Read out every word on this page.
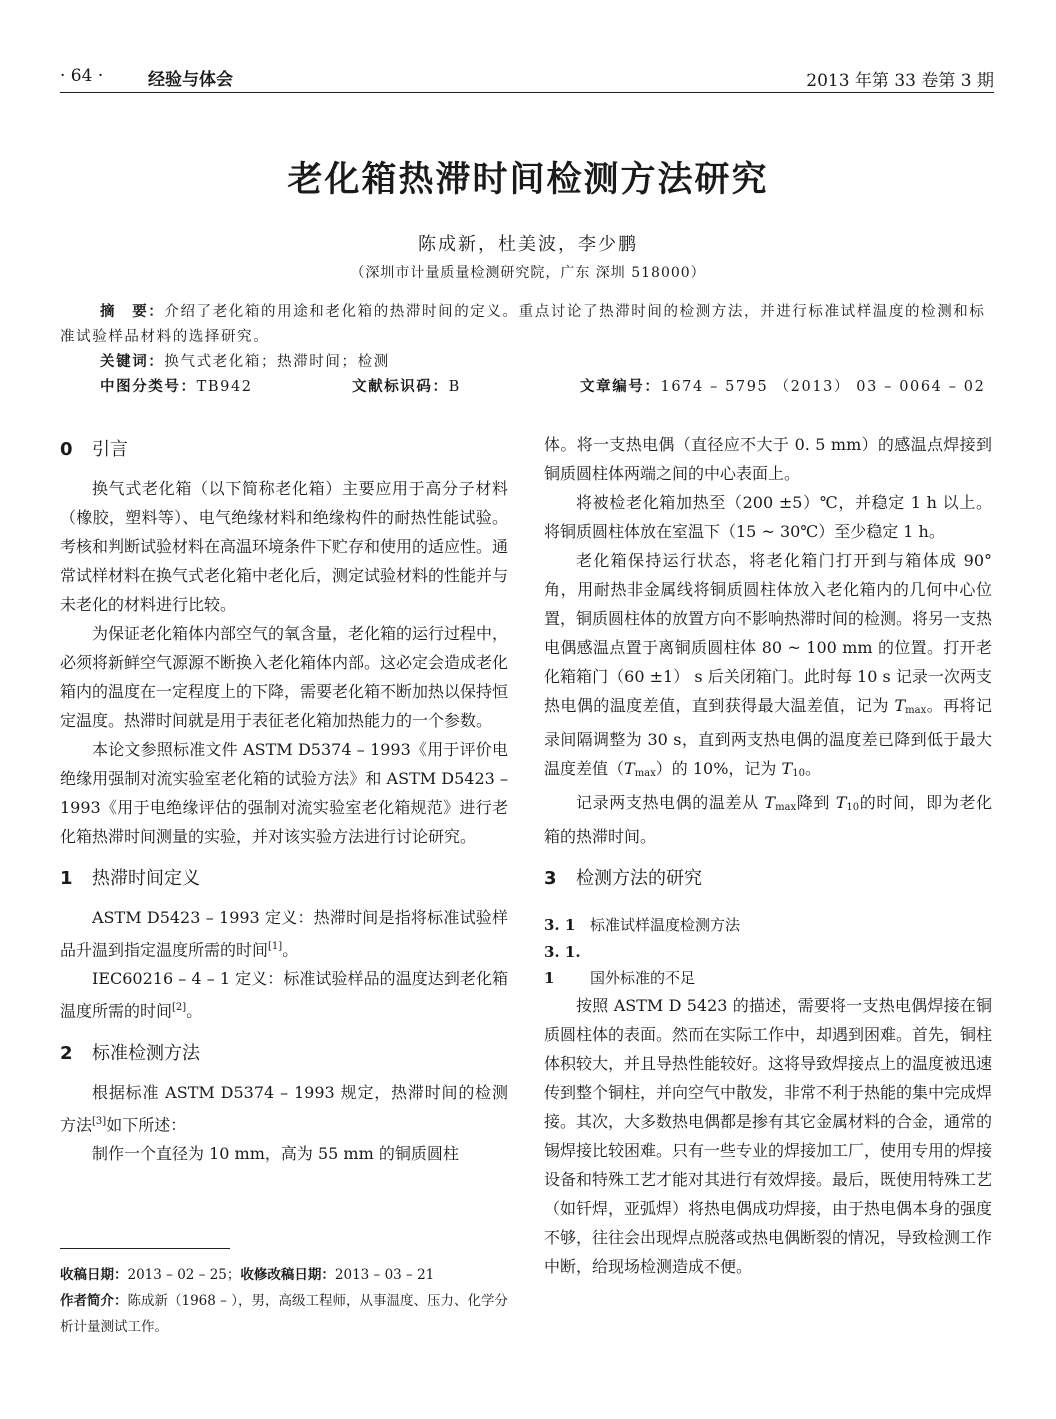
· 64 ·	经验与体会	2013 年第 33 卷第 3 期
老化箱热滞时间检测方法研究
陈成新，杜美波，李少鹏
（深圳市计量质量检测研究院，广东 深圳 518000）

摘　要：介绍了老化箱的用途和老化箱的热滞时间的定义。重点讨论了热滞时间的检测方法，并进行标准试样温度的检测和标准试验样品材料的选择研究。

关键词：换气式老化箱；热滞时间；检测

中图分类号：TB942	文献标识码：B	文章编号：1674 – 5795 （2013） 03 – 0064 – 02
0 引言

换气式老化箱（以下简称老化箱）主要应用于高分子材料（橡胶，塑料等）、电气绝缘材料和绝缘构件的耐热性能试验。考核和判断试验材料在高温环境条件下贮存和使用的适应性。通常试样材料在换气式老化箱中老化后，测定试验材料的性能并与未老化的材料进行比较。

为保证老化箱体内部空气的氧含量，老化箱的运行过程中，必须将新鲜空气源源不断换入老化箱体内部。这必定会造成老化箱内的温度在一定程度上的下降，需要老化箱不断加热以保持恒定温度。热滞时间就是用于表征老化箱加热能力的一个参数。

本论文参照标准文件 ASTM D5374 – 1993《用于评价电绝缘用强制对流实验室老化箱的试验方法》和 ASTM D5423 – 1993《用于电绝缘评估的强制对流实验室老化箱规范》进行老化箱热滞时间测量的实验，并对该实验方法进行讨论研究。

1 热滞时间定义

ASTM D5423 – 1993 定义：热滞时间是指将标准试验样品升温到指定温度所需的时间[1]。

IEC60216 – 4 – 1 定义：标准试验样品的温度达到老化箱温度所需的时间[2]。

2 标准检测方法

根据标准 ASTM D5374 – 1993 规定，热滞时间的检测方法[3]如下所述：

制作一个直径为 10 mm，高为 55 mm 的铜质圆柱

收稿日期：2013 – 02 – 25；收修改稿日期：2013 – 03 – 21

作者简介：陈成新（1968 – ），男，高级工程师，从事温度、压力、化学分析计量测试工作。

体。将一支热电偶（直径应不大于 0. 5 mm）的感温点焊接到铜质圆柱体两端之间的中心表面上。

将被检老化箱加热至（200 ±5）℃，并稳定 1 h 以上。将铜质圆柱体放在室温下（15 ~ 30℃）至少稳定 1 h。

老化箱保持运行状态，将老化箱门打开到与箱体成 90°角，用耐热非金属线将铜质圆柱体放入老化箱内的几何中心位置，铜质圆柱体的放置方向不影响热滞时间的检测。将另一支热电偶感温点置于离铜质圆柱体 80 ~ 100 mm 的位置。打开老化箱箱门（60 ±1） s 后关闭箱门。此时每 10 s 记录一次两支热电偶的温度差值，直到获得最大温差值，记为 $T_{max}$。再将记录间隔调整为 30 s，直到两支热电偶的温度差已降到低于最大温度差值$(T_{max})$的 10%，记为 $T_{10}$。

记录两支热电偶的温差从 $T_{max}$降到 $T_{10}$的时间，即为老化箱的热滞时间。

3 检测方法的研究
3. 1 标准试样温度检测方法
3. 1. 1 国外标准的不足

按照 ASTM D 5423 的描述，需要将一支热电偶焊接在铜质圆柱体的表面。然而在实际工作中，却遇到困难。首先，铜柱体积较大，并且导热性能较好。这将导致焊接点上的温度被迅速传到整个铜柱，并向空气中散发，非常不利于热能的集中完成焊接。其次，大多数热电偶都是掺有其它金属材料的合金，通常的锡焊接比较困难。只有一些专业的焊接加工厂，使用专用的焊接设备和特殊工艺才能对其进行有效焊接。最后，既使用特殊工艺（如钎焊，亚弧焊）将热电偶成功焊接，由于热电偶本身的强度不够，往往会出现焊点脱落或热电偶断裂的情况，导致检测工作中断，给现场检测造成不便。
